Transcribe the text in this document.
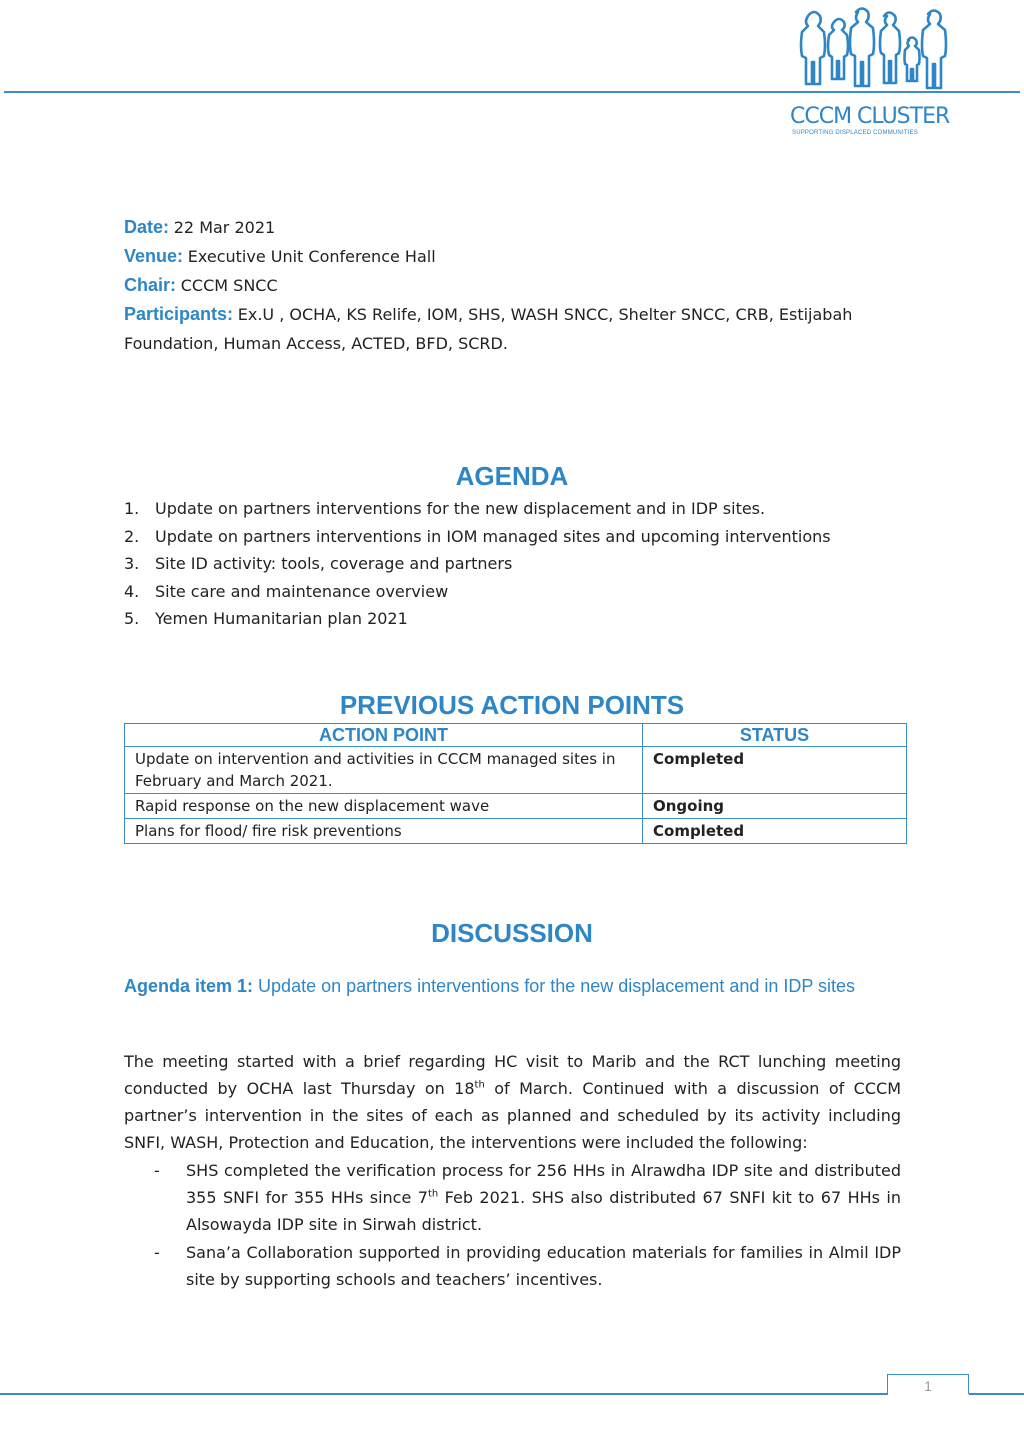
CCCM CLUSTER
SUPPORTING DISPLACED COMMUNITIES
Date: 22 Mar 2021
Venue: Executive Unit Conference Hall
Chair: CCCM SNCC
Participants: Ex.U , OCHA, KS Relife, IOM, SHS, WASH SNCC, Shelter SNCC, CRB, Estijabah Foundation, Human Access, ACTED, BFD, SCRD.
AGENDA
1. Update on partners interventions for the new displacement and in IDP sites.
2. Update on partners interventions in IOM managed sites and upcoming interventions
3. Site ID activity: tools, coverage and partners
4. Site care and maintenance overview
5. Yemen Humanitarian plan 2021
PREVIOUS ACTION POINTS
ACTION POINT	STATUS
Update on intervention and activities in CCCM managed sites in February and March 2021.	Completed
Rapid response on the new displacement wave	Ongoing
Plans for flood/ fire risk preventions	Completed
DISCUSSION
Agenda item 1: Update on partners interventions for the new displacement and in IDP sites

The meeting started with a brief regarding HC visit to Marib and the RCT lunching meeting conducted by OCHA last Thursday on 18th of March. Continued with a discussion of CCCM partner’s intervention in the sites of each as planned and scheduled by its activity including SNFI, WASH, Protection and Education, the interventions were included the following:

-	SHS completed the verification process for 256 HHs in Alrawdha IDP site and distributed 355 SNFI for 355 HHs since 7th Feb 2021. SHS also distributed 67 SNFI kit to 67 HHs in Alsowayda IDP site in Sirwah district.
-	Sana’a Collaboration supported in providing education materials for families in Almil IDP site by supporting schools and teachers’ incentives.
1
